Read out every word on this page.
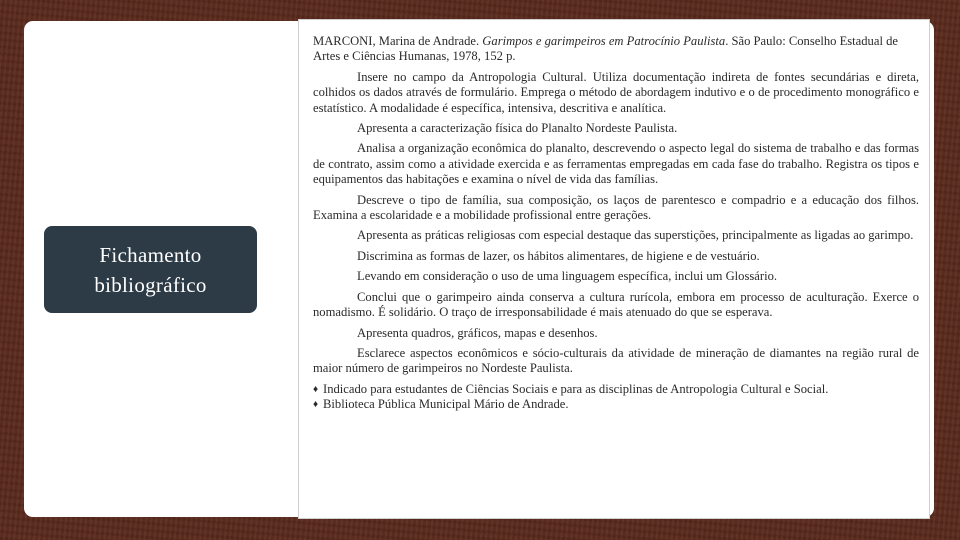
Fichamento
bibliográfico

MARCONI, Marina de Andrade. Garimpos e garimpeiros em Patrocínio Paulista. São Paulo: Conselho Estadual de Artes e Ciências Humanas, 1978, 152 p.

Insere no campo da Antropologia Cultural. Utiliza documentação indireta de fontes secundárias e direta, colhidos os dados através de formulário. Emprega o método de abordagem indutivo e o de procedimento monográfico e estatístico. A modalidade é específica, intensiva, descritiva e analítica.

Apresenta a caracterização física do Planalto Nordeste Paulista.

Analisa a organização econômica do planalto, descrevendo o aspecto legal do sistema de trabalho e das formas de contrato, assim como a atividade exercida e as ferramentas empregadas em cada fase do trabalho. Registra os tipos e equipamentos das habitações e examina o nível de vida das famílias.

Descreve o tipo de família, sua composição, os laços de parentesco e compadrio e a educação dos filhos. Examina a escolaridade e a mobilidade profissional entre gerações.

Apresenta as práticas religiosas com especial destaque das superstições, principalmente as ligadas ao garimpo.

Discrimina as formas de lazer, os hábitos alimentares, de higiene e de vestuário.

Levando em consideração o uso de uma linguagem específica, inclui um Glossário.

Conclui que o garimpeiro ainda conserva a cultura rurícola, embora em processo de aculturação. Exerce o nomadismo. É solidário. O traço de irresponsabilidade é mais atenuado do que se esperava.

Apresenta quadros, gráficos, mapas e desenhos.

Esclarece aspectos econômicos e sócio-culturais da atividade de mineração de diamantes na região rural de maior número de garimpeiros no Nordeste Paulista.

♦ Indicado para estudantes de Ciências Sociais e para as disciplinas de Antropologia Cultural e Social.
♦ Biblioteca Pública Municipal Mário de Andrade.
